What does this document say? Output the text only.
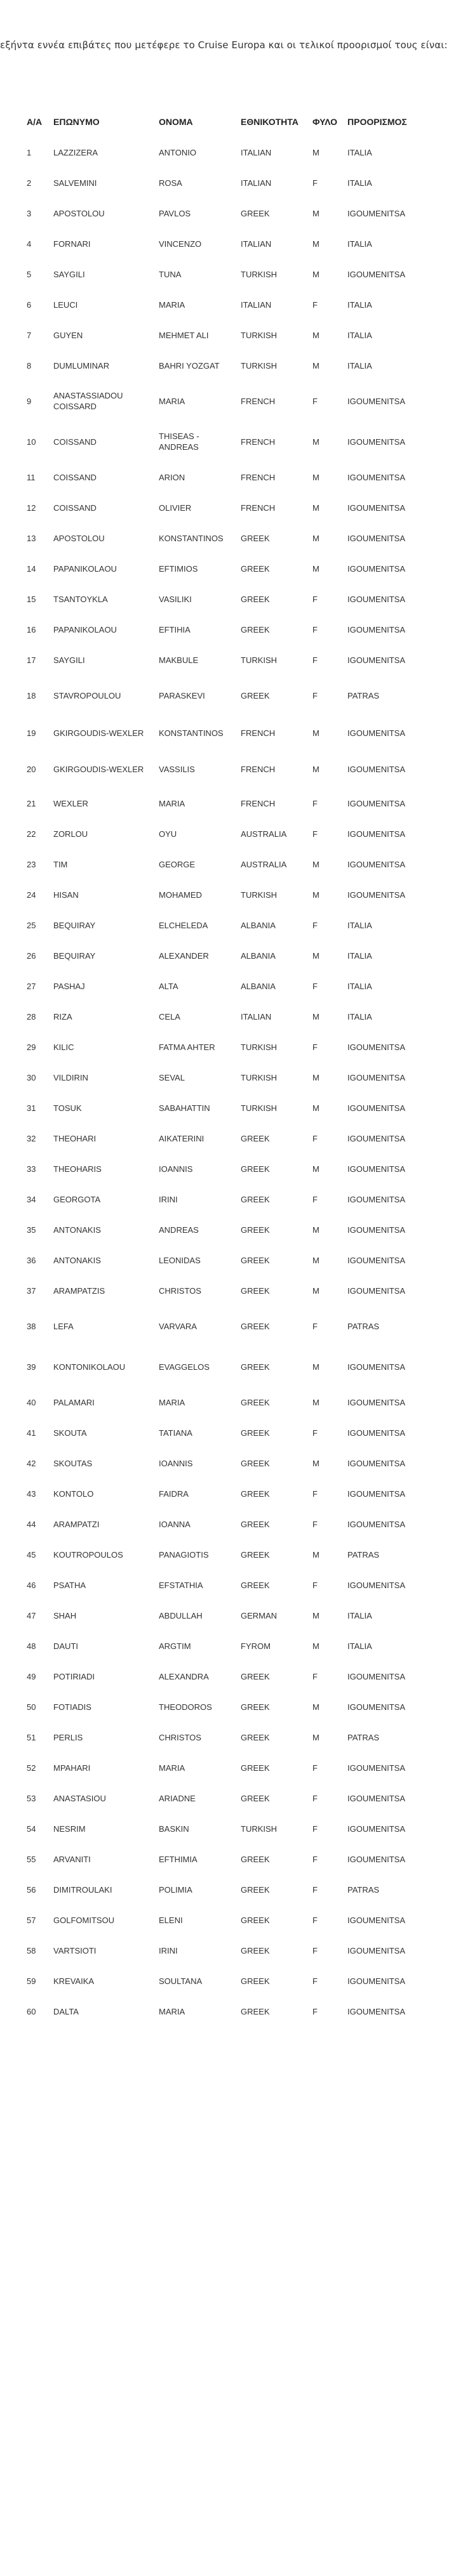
εξήντα εννέα επιβάτες που μετέφερε το Cruise Europa και οι τελικοί προορισμοί τους είναι:
Α/Α	ΕΠΩΝΥΜΟ	ΟΝΟΜΑ	ΕΘΝΙΚΟΤΗΤΑ	ΦΥΛΟ	ΠΡΟΟΡΙΣΜΟΣ
1	LAZZIZERA	ANTONIO	ITALIAN	M	ITALIA
2	SALVEMINI	ROSA	ITALIAN	F	ITALIA
3	APOSTOLOU	PAVLOS	GREEK	M	IGOUMENITSA
4	FORNARI	VINCENZO	ITALIAN	M	ITALIA
5	SAYGILI	TUNA	TURKISH	M	IGOUMENITSA
6	LEUCI	MARIA	ITALIAN	F	ITALIA
7	GUYEN	MEHMET ALI	TURKISH	M	ITALIA
8	DUMLUMINAR	BAHRI YOZGAT	TURKISH	M	ITALIA
9	ANASTASSIADOU COISSARD	MARIA	FRENCH	F	IGOUMENITSA
10	COISSAND	THISEAS - ANDREAS	FRENCH	M	IGOUMENITSA
11	COISSAND	ARION	FRENCH	M	IGOUMENITSA
12	COISSAND	OLIVIER	FRENCH	M	IGOUMENITSA
13	APOSTOLOU	KONSTANTINOS	GREEK	M	IGOUMENITSA
14	PAPANIKOLAOU	EFTIMIOS	GREEK	M	IGOUMENITSA
15	TSANTOYKLA	VASILIKI	GREEK	F	IGOUMENITSA
16	PAPANIKOLAOU	EFTIHIA	GREEK	F	IGOUMENITSA
17	SAYGILI	MAKBULE	TURKISH	F	IGOUMENITSA
18	STAVROPOULOU	PARASKEVI	GREEK	F	PATRAS
19	GKIRGOUDIS-WEXLER	KONSTANTINOS	FRENCH	M	IGOUMENITSA
20	GKIRGOUDIS-WEXLER	VASSILIS	FRENCH	M	IGOUMENITSA
21	WEXLER	MARIA	FRENCH	F	IGOUMENITSA
22	ZORLOU	OYU	AUSTRALIA	F	IGOUMENITSA
23	TIM	GEORGE	AUSTRALIA	M	IGOUMENITSA
24	HISAN	MOHAMED	TURKISH	M	IGOUMENITSA
25	BEQUIRAY	ELCHELEDA	ALBANIA	F	ITALIA
26	BEQUIRAY	ALEXANDER	ALBANIA	M	ITALIA
27	PASHAJ	ALTA	ALBANIA	F	ITALIA
28	RIZA	CELA	ITALIAN	M	ITALIA
29	KILIC	FATMA AHTER	TURKISH	F	IGOUMENITSA
30	VILDIRIN	SEVAL	TURKISH	M	IGOUMENITSA
31	TOSUK	SABAHATTIN	TURKISH	M	IGOUMENITSA
32	THEOHARI	AIKATERINI	GREEK	F	IGOUMENITSA
33	THEOHARIS	IOANNIS	GREEK	M	IGOUMENITSA
34	GEORGOTA	IRINI	GREEK	F	IGOUMENITSA
35	ANTONAKIS	ANDREAS	GREEK	M	IGOUMENITSA
36	ANTONAKIS	LEONIDAS	GREEK	M	IGOUMENITSA
37	ARAMPATZIS	CHRISTOS	GREEK	M	IGOUMENITSA
38	LEFA	VARVARA	GREEK	F	PATRAS
39	KONTONIKOLAOU	EVAGGELOS	GREEK	M	IGOUMENITSA
40	PALAMARI	MARIA	GREEK	M	IGOUMENITSA
41	SKOUTA	TATIANA	GREEK	F	IGOUMENITSA
42	SKOUTAS	IOANNIS	GREEK	M	IGOUMENITSA
43	KONTOLO	FAIDRA	GREEK	F	IGOUMENITSA
44	ARAMPATZI	IOANNA	GREEK	F	IGOUMENITSA
45	KOUTROPOULOS	PANAGIOTIS	GREEK	M	PATRAS
46	PSATHA	EFSTATHIA	GREEK	F	IGOUMENITSA
47	SHAH	ABDULLAH	GERMAN	M	ITALIA
48	DAUTI	ARGTIM	FYROM	M	ITALIA
49	POTIRIADI	ALEXANDRA	GREEK	F	IGOUMENITSA
50	FOTIADIS	THEODOROS	GREEK	M	IGOUMENITSA
51	PERLIS	CHRISTOS	GREEK	M	PATRAS
52	MPAHARI	MARIA	GREEK	F	IGOUMENITSA
53	ANASTASIOU	ARIADNE	GREEK	F	IGOUMENITSA
54	NESRIM	BASKIN	TURKISH	F	IGOUMENITSA
55	ARVANITI	EFTHIMIA	GREEK	F	IGOUMENITSA
56	DIMITROULAKI	POLIMIA	GREEK	F	PATRAS
57	GOLFOMITSOU	ELENI	GREEK	F	IGOUMENITSA
58	VARTSIOTI	IRINI	GREEK	F	IGOUMENITSA
59	KREVAIKA	SOULTANA	GREEK	F	IGOUMENITSA
60	DALTA	MARIA	GREEK	F	IGOUMENITSA
